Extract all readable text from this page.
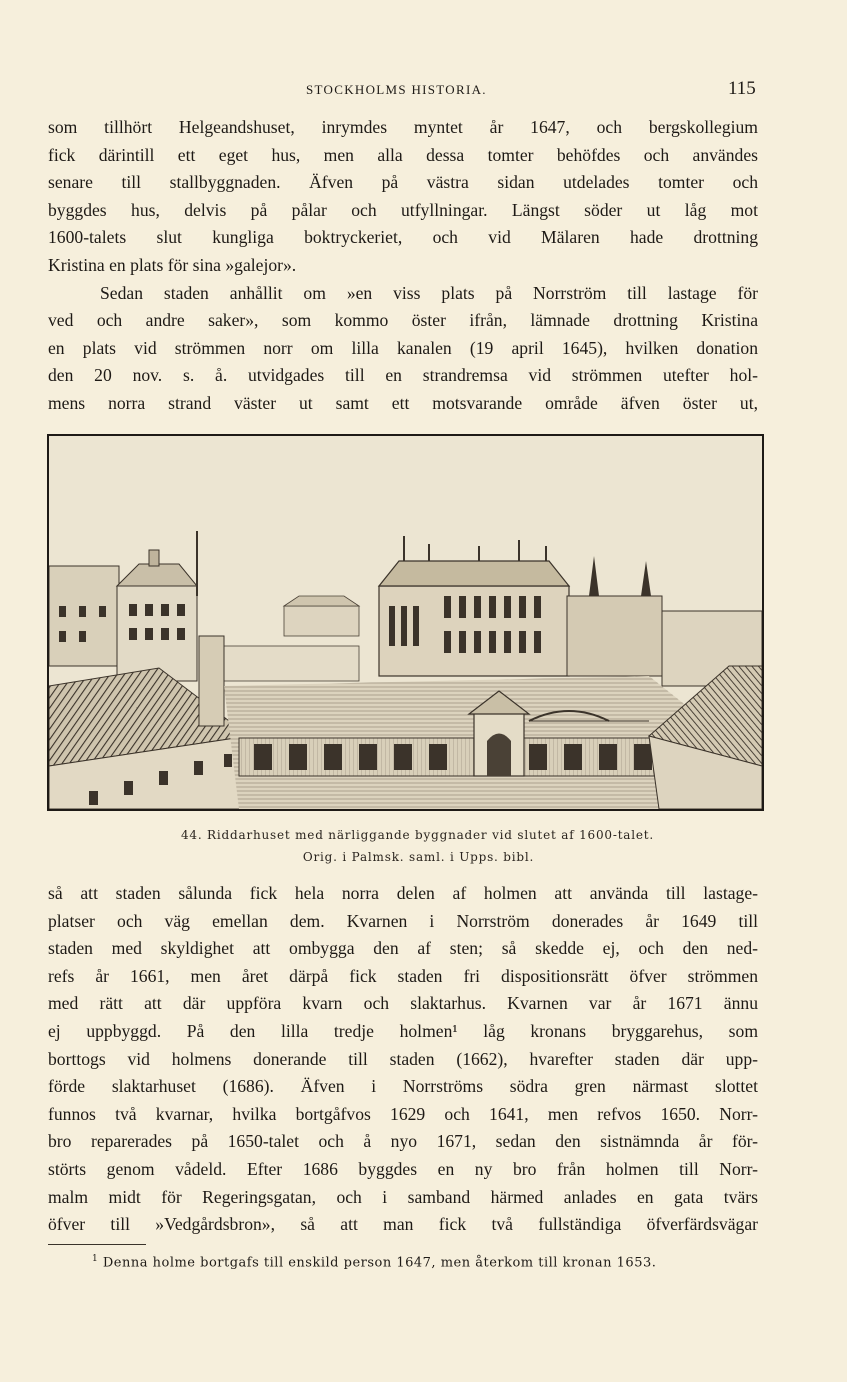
STOCKHOLMS HISTORIA.	115
som tillhört Helgeandshuset, inrymdes myntet år 1647, och bergskollegium
fick därintill ett eget hus, men alla dessa tomter behöfdes och användes
senare till stallbyggnaden. Äfven på västra sidan utdelades tomter och
byggdes hus, delvis på pålar och utfyllningar. Längst söder ut låg mot
1600-talets slut kungliga boktryckeriet, och vid Mälaren hade drottning
Kristina en plats för sina »galejor».
Sedan staden anhållit om »en viss plats på Norrström till lastage för
ved och andre saker», som kommo öster ifrån, lämnade drottning Kristina
en plats vid strömmen norr om lilla kanalen (19 april 1645), hvilken donation
den 20 nov. s. å. utvidgades till en strandremsa vid strömmen utefter hol-
mens norra strand väster ut samt ett motsvarande område äfven öster ut,
44. Riddarhuset med närliggande byggnader vid slutet af 1600-talet.
Orig. i Palmsk. saml. i Upps. bibl.
så att staden sålunda fick hela norra delen af holmen att använda till lastage-
platser och väg emellan dem. Kvarnen i Norrström donerades år 1649 till
staden med skyldighet att ombygga den af sten; så skedde ej, och den ned-
refs år 1661, men året därpå fick staden fri dispositionsrätt öfver strömmen
med rätt att där uppföra kvarn och slaktarhus. Kvarnen var år 1671 ännu
ej uppbyggd. På den lilla tredje holmen¹ låg kronans bryggarehus, som
borttogs vid holmens donerande till staden (1662), hvarefter staden där upp-
förde slaktarhuset (1686). Äfven i Norrströms södra gren närmast slottet
funnos två kvarnar, hvilka bortgåfvos 1629 och 1641, men refvos 1650. Norr-
bro reparerades på 1650-talet och å nyo 1671, sedan den sistnämnda år för-
störts genom vådeld. Efter 1686 byggdes en ny bro från holmen till Norr-
malm midt för Regeringsgatan, och i samband härmed anlades en gata tvärs
öfver till »Vedgårdsbron», så att man fick två fullständiga öfverfärdsvägar
$^1$ Denna holme bortgafs till enskild person 1647, men återkom till kronan 1653.
